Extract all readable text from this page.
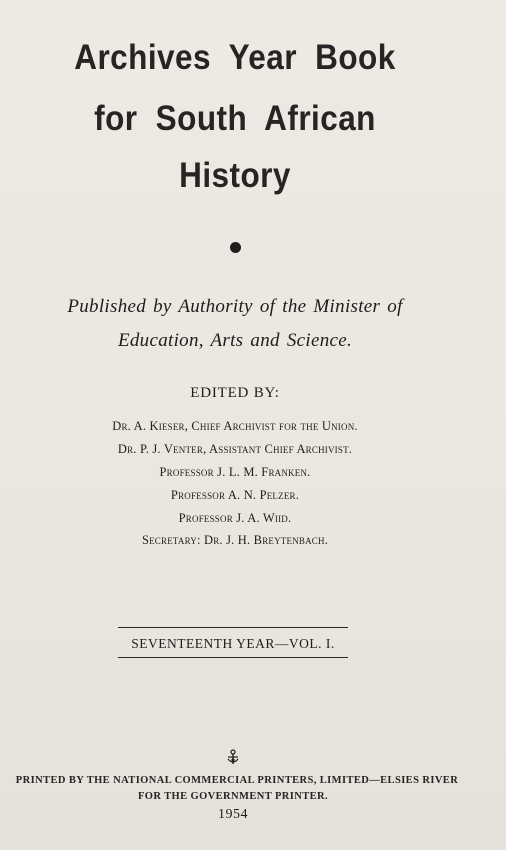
Archives Year Book
for South African
History
Published by Authority of the Minister of
Education, Arts and Science.
EDITED BY:
Dr. A. Kieser, Chief Archivist for the Union.
Dr. P. J. Venter, Assistant Chief Archivist.
Professor J. L. M. Franken.
Professor A. N. Pelzer.
Professor J. A. Wiid.
Secretary: Dr. J. H. Breytenbach.
SEVENTEENTH YEAR—VOL. I.
PRINTED BY THE NATIONAL COMMERCIAL PRINTERS, LIMITED—ELSIES RIVER
FOR THE GOVERNMENT PRINTER.
1954
